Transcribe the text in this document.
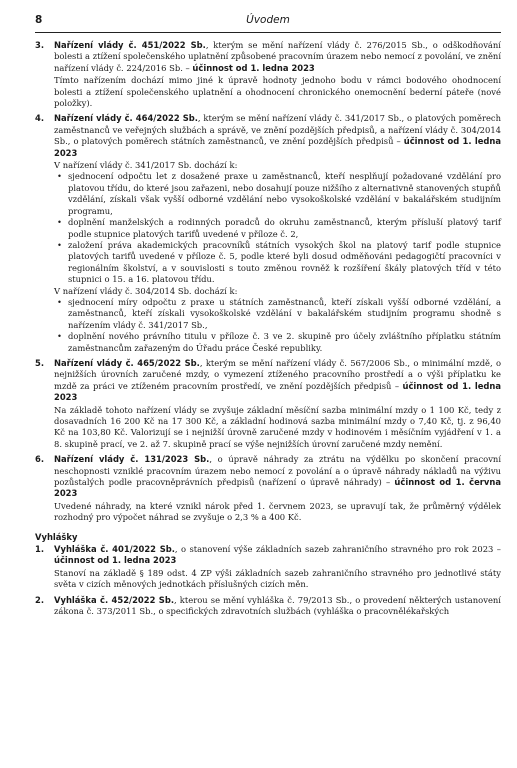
8	Úvodem
3. Nařízení vlády č. 451/2022 Sb., kterým se mění nařízení vlády č. 276/2015 Sb., o odškodňování bolesti a ztížení společenského uplatnění způsobené pracovním úrazem nebo nemocí z povolání, ve znění nařízení vlády č. 224/2016 Sb. – účinnost od 1. ledna 2023

Tímto nařízením dochází mimo jiné k úpravě hodnoty jednoho bodu v rámci bodového ohodnocení bolesti a ztížení společenského uplatnění a ohodnocení chronického onemocnění bederní páteře (nové položky).

4. Nařízení vlády č. 464/2022 Sb., kterým se mění nařízení vlády č. 341/2017 Sb., o platových poměrech zaměstnanců ve veřejných službách a správě, ve znění pozdějších předpisů, a nařízení vlády č. 304/2014 Sb., o platových poměrech státních zaměstnanců, ve znění pozdějších předpisů – účinnost od 1. ledna 2023

V nařízení vlády č. 341/2017 Sb. dochází k:

• sjednocení odpočtu let z dosažené praxe u zaměstnanců, kteří nesplňují požadované vzdělání pro platovou třídu, do které jsou zařazeni, nebo dosahují pouze nižšího z alternativně stanovených stupňů vzdělání, získali však vyšší odborné vzdělání nebo vysokoškolské vzdělání v bakalářském studijním programu,
• doplnění manželských a rodinných poradců do okruhu zaměstnanců, kterým přísluší platový tarif podle stupnice platových tarifů uvedené v příloze č. 2,
• založení práva akademických pracovníků státních vysokých škol na platový tarif podle stupnice platových tarifů uvedené v příloze č. 5, podle které byli dosud odměňováni pedagogičtí pracovníci v regionálním školství, a v souvislosti s touto změnou rovněž k rozšíření škály platových tříd v této stupnici o 15. a 16. platovou třídu.

V nařízení vlády č. 304/2014 Sb. dochází k:

• sjednocení míry odpočtu z praxe u státních zaměstnanců, kteří získali vyšší odborné vzdělání, a zaměstnanců, kteří získali vysokoškolské vzdělání v bakalářském studijním programu shodně s nařízením vlády č. 341/2017 Sb.,
• doplnění nového právního titulu v příloze č. 3 ve 2. skupině pro účely zvláštního příplatku státním zaměstnancům zařazeným do Úřadu práce České republiky.
5. Nařízení vlády č. 465/2022 Sb., kterým se mění nařízení vlády č. 567/2006 Sb., o minimální mzdě, o nejnižších úrovních zaručené mzdy, o vymezení ztíženého pracovního prostředí a o výši příplatku ke mzdě za práci ve ztíženém pracovním prostředí, ve znění pozdějších předpisů – účinnost od 1. ledna 2023

Na základě tohoto nařízení vlády se zvyšuje základní měsíční sazba minimální mzdy o 1 100 Kč, tedy z dosavadních 16 200 Kč na 17 300 Kč, a základní hodinová sazba minimální mzdy o 7,40 Kč, tj. z 96,40 Kč na 103,80 Kč. Valorizují se i nejnižší úrovně zaručené mzdy v hodinovém i měsíčním vyjádření v 1. a 8. skupině prací, ve 2. až 7. skupině prací se výše nejnižších úrovní zaručené mzdy nemění.

6. Nařízení vlády č. 131/2023 Sb., o úpravě náhrady za ztrátu na výdělku po skončení pracovní neschopnosti vzniklé pracovním úrazem nebo nemocí z povolání a o úpravě náhrady nákladů na výživu pozůstalých podle pracovněprávních předpisů (nařízení o úpravě náhrady) – účinnost od 1. června 2023

Uvedené náhrady, na které vznikl nárok před 1. červnem 2023, se upravují tak, že průměrný výdělek rozhodný pro výpočet náhrad se zvyšuje o 2,3 % a 400 Kč.

Vyhlášky
1. Vyhláška č. 401/2022 Sb., o stanovení výše základních sazeb zahraničního stravného pro rok 2023 – účinnost od 1. ledna 2023

Stanoví na základě § 189 odst. 4 ZP výši základních sazeb zahraničního stravného pro jednotlivé státy světa v cizích měnových jednotkách příslušných cizích měn.

2. Vyhláška č. 452/2022 Sb., kterou se mění vyhláška č. 79/2013 Sb., o provedení některých ustanovení zákona č. 373/2011 Sb., o specifických zdravotních službách (vyhláška o pracovnělékařských
